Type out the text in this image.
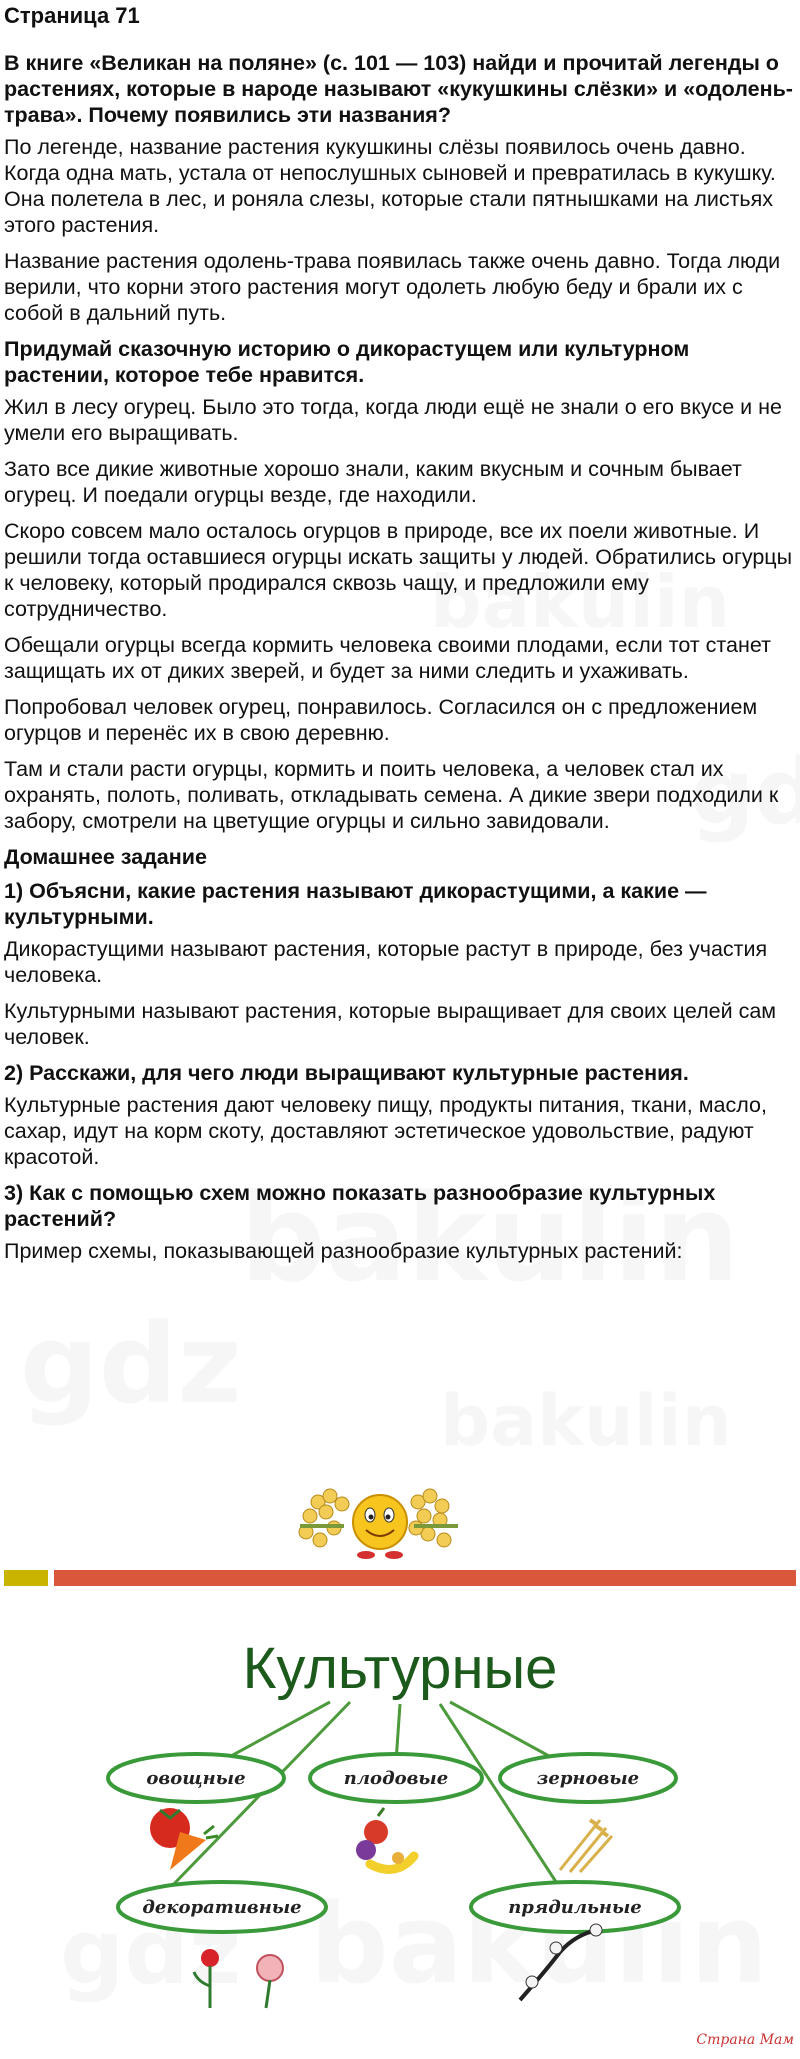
Страница 71
В книге «Великан на поляне» (с. 101 — 103) найди и прочитай легенды о растениях, которые в народе называют «кукушкины слёзки» и «одолень-трава». Почему появились эти названия?
По легенде, название растения кукушкины слёзы появилось очень давно. Когда одна мать, устала от непослушных сыновей и превратилась в кукушку. Она полетела в лес, и роняла слезы, которые стали пятнышками на листьях этого растения.
Название растения одолень-трава появилась также очень давно. Тогда люди верили, что корни этого растения могут одолеть любую беду и брали их с собой в дальний путь.
Придумай сказочную историю о дикорастущем или культурном растении, которое тебе нравится.
Жил в лесу огурец. Было это тогда, когда люди ещё не знали о его вкусе и не умели его выращивать.
Зато все дикие животные хорошо знали, каким вкусным и сочным бывает огурец. И поедали огурцы везде, где находили.
Скоро совсем мало осталось огурцов в природе, все их поели животные. И решили тогда оставшиеся огурцы искать защиты у людей. Обратились огурцы к человеку, который продирался сквозь чащу, и предложили ему сотрудничество.
Обещали огурцы всегда кормить человека своими плодами, если тот станет защищать их от диких зверей, и будет за ними следить и ухаживать.
Попробовал человек огурец, понравилось. Согласился он с предложением огурцов и перенёс их в свою деревню.
Там и стали расти огурцы, кормить и поить человека, а человек стал их охранять, полоть, поливать, откладывать семена. А дикие звери подходили к забору, смотрели на цветущие огурцы и сильно завидовали.
Домашнее задание
1) Объясни, какие растения называют дикорастущими, а какие — культурными.
Дикорастущими называют растения, которые растут в природе, без участия человека.
Культурными называют растения, которые выращивает для своих целей сам человек.
2) Расскажи, для чего люди выращивают культурные растения.
Культурные растения дают человеку пищу, продукты питания, ткани, масло, сахар, идут на корм скоту, доставляют эстетическое удовольствие, радуют красотой.
3) Как с помощью схем можно показать разнообразие культурных растений?
Пример схемы, показывающей разнообразие культурных растений:
Культурные
овощные	плодовые	зерновые
декоративные	прядильные
Страна Мам
